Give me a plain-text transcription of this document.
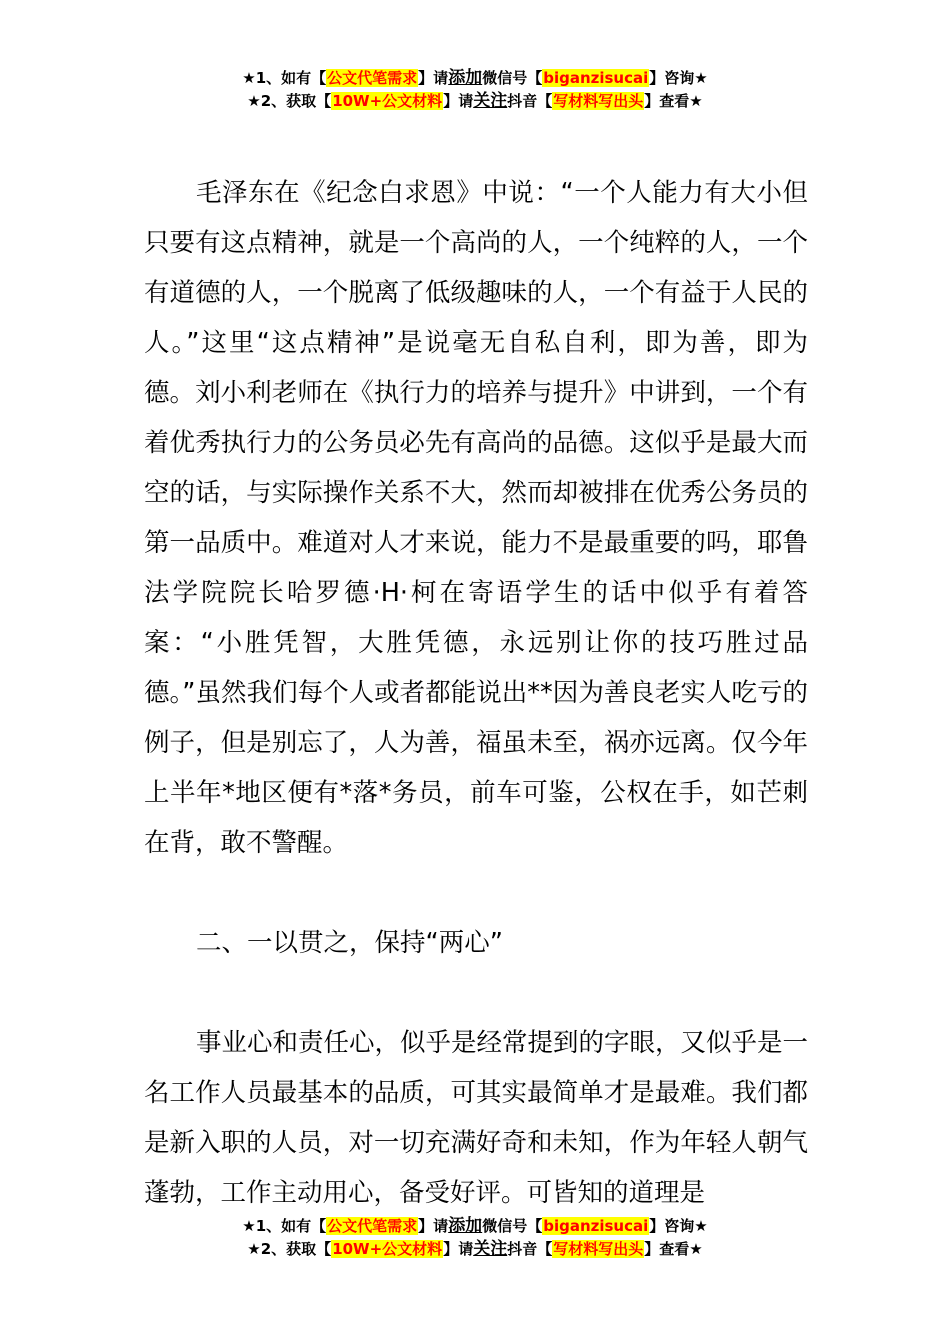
★1、如有【公文代笔需求】请添加微信号【biganzisucai】咨询★
★2、获取【10W+公文材料】请关注抖音【写材料写出头】查看★

毛泽东在《纪念白求恩》中说：“一个人能力有大小但只要有这点精神，就是一个高尚的人，一个纯粹的人，一个有道德的人，一个脱离了低级趣味的人，一个有益于人民的人。”这里“这点精神”是说毫无自私自利，即为善，即为德。刘小利老师在《执行力的培养与提升》中讲到，一个有着优秀执行力的公务员必先有高尚的品德。这似乎是最大而空的话，与实际操作关系不大，然而却被排在优秀公务员的第一品质中。难道对人才来说，能力不是最重要的吗，耶鲁法学院院长哈罗德·H·柯在寄语学生的话中似乎有着答案：“小胜凭智，大胜凭德，永远别让你的技巧胜过品德。”虽然我们每个人或者都能说出**因为善良老实人吃亏的例子，但是别忘了，人为善，福虽未至，祸亦远离。仅今年上半年*地区便有*落*务员，前车可鉴，公权在手，如芒刺在背，敢不警醒。

二、一以贯之，保持“两心”

事业心和责任心，似乎是经常提到的字眼，又似乎是一名工作人员最基本的品质，可其实最简单才是最难。我们都是新入职的人员，对一切充满好奇和未知，作为年轻人朝气蓬勃，工作主动用心，备受好评。可皆知的道理是

★1、如有【公文代笔需求】请添加微信号【biganzisucai】咨询★
★2、获取【10W+公文材料】请关注抖音【写材料写出头】查看★
